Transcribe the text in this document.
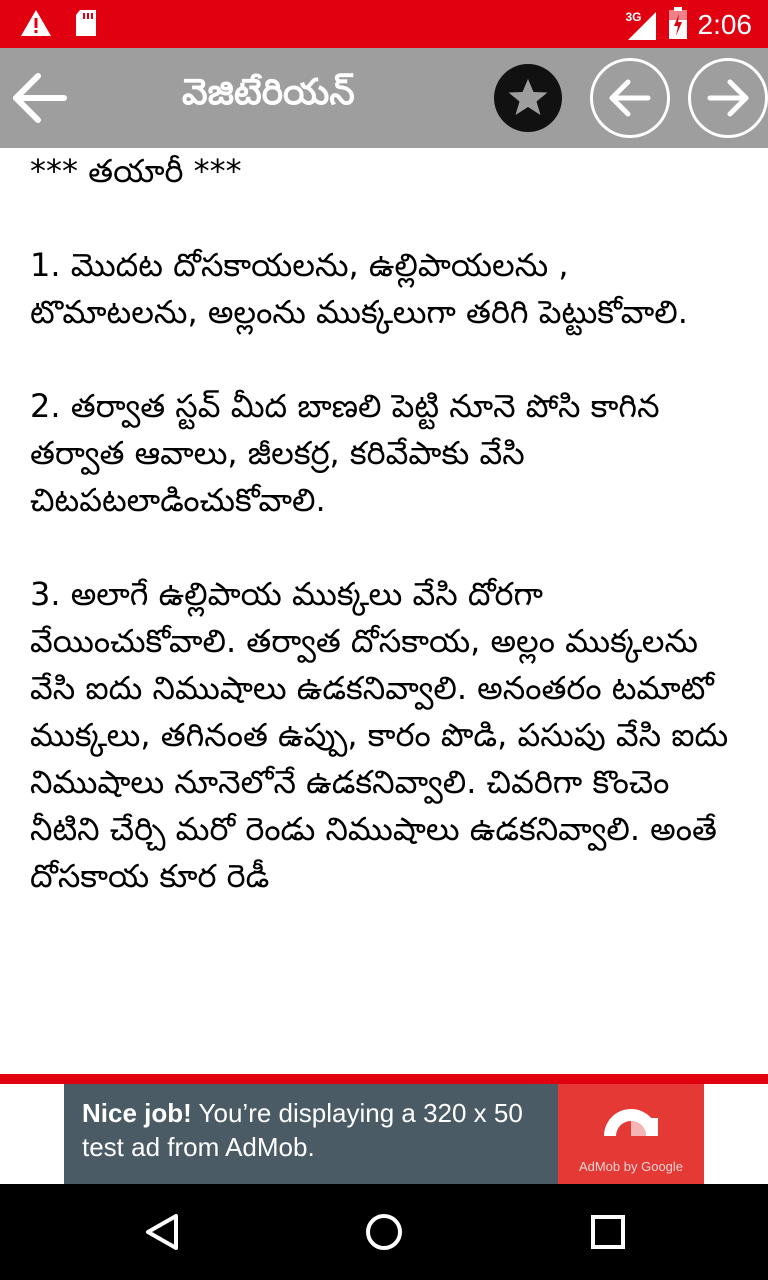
3G 2:06
వెజిటేరియన్

*** తయారీ ***

1. మొదట దోసకాయలను, ఉల్లిపాయలను , టొమాటలను, అల్లంను ముక్కలుగా తరిగి పెట్టుకోవాలి.

2. తర్వాత స్టవ్ మీద బాణలి పెట్టి నూనె పోసి కాగిన తర్వాత ఆవాలు, జీలకర్ర, కరివేపాకు వేసి చిటపటలాడించుకోవాలి.

3. అలాగే ఉల్లిపాయ ముక్కలు వేసి దోరగా వేయించుకోవాలి. తర్వాత దోసకాయ, అల్లం ముక్కలను వేసి ఐదు నిముషాలు ఉడకనివ్వాలి. అనంతరం టమాటో ముక్కలు, తగినంత ఉప్పు, కారం పొడి, పసుపు వేసి ఐదు నిముషాలు నూనెలోనే ఉడకనివ్వాలి. చివరిగా కొంచెం నీటిని చేర్చి మరో రెండు నిముషాలు ఉడకనివ్వాలి. అంతే దోసకాయ కూర రెడీ

Nice job! You’re displaying a 320 x 50 test ad from AdMob.
AdMob by Google
